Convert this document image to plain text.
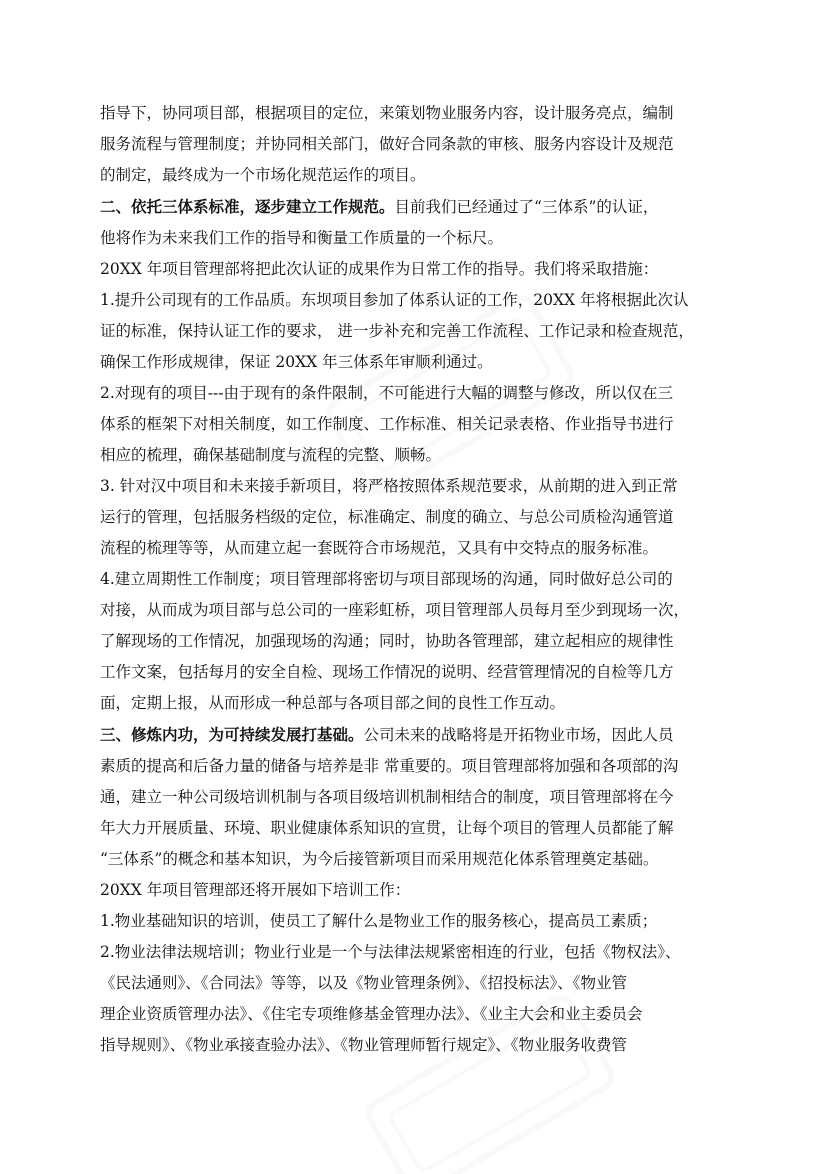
指导下，协同项目部，根据项目的定位，来策划物业服务内容，设计服务亮点，编制
服务流程与管理制度；并协同相关部门，做好合同条款的审核、服务内容设计及规范
的制定，最终成为一个市场化规范运作的项目。
二、依托三体系标准，逐步建立工作规范。目前我们已经通过了“三体系”的认证，
他将作为未来我们工作的指导和衡量工作质量的一个标尺。
20XX 年项目管理部将把此次认证的成果作为日常工作的指导。我们将采取措施：
1.提升公司现有的工作品质。东坝项目参加了体系认证的工作，20XX 年将根据此次认
证的标准，保持认证工作的要求， 进一步补充和完善工作流程、工作记录和检查规范，
确保工作形成规律，保证 20XX 年三体系年审顺利通过。
2.对现有的项目---由于现有的条件限制，不可能进行大幅的调整与修改，所以仅在三
体系的框架下对相关制度，如工作制度、工作标准、相关记录表格、作业指导书进行
相应的梳理，确保基础制度与流程的完整、顺畅。
3. 针对汉中项目和未来接手新项目，将严格按照体系规范要求，从前期的进入到正常
运行的管理，包括服务档级的定位，标准确定、制度的确立、与总公司质检沟通管道
流程的梳理等等，从而建立起一套既符合市场规范，又具有中交特点的服务标准。
4.建立周期性工作制度；项目管理部将密切与项目部现场的沟通，同时做好总公司的
对接，从而成为项目部与总公司的一座彩虹桥，项目管理部人员每月至少到现场一次，
了解现场的工作情况，加强现场的沟通；同时，协助各管理部，建立起相应的规律性
工作文案，包括每月的安全自检、现场工作情况的说明、经营管理情况的自检等几方
面，定期上报，从而形成一种总部与各项目部之间的良性工作互动。
三、修炼内功，为可持续发展打基础。公司未来的战略将是开拓物业市场，因此人员
素质的提高和后备力量的储备与培养是非 常重要的。项目管理部将加强和各项部的沟
通，建立一种公司级培训机制与各项目级培训机制相结合的制度，项目管理部将在今
年大力开展质量、环境、职业健康体系知识的宣贯，让每个项目的管理人员都能了解
“三体系”的概念和基本知识，为今后接管新项目而采用规范化体系管理奠定基础。
20XX 年项目管理部还将开展如下培训工作：
1.物业基础知识的培训，使员工了解什么是物业工作的服务核心，提高员工素质；
2.物业法律法规培训；物业行业是一个与法律法规紧密相连的行业，包括《物权法》、
《民法通则》、《合同法》等等，以及《物业管理条例》、《招投标法》、《物业管
理企业资质管理办法》、《住宅专项维修基金管理办法》、《业主大会和业主委员会
指导规则》、《物业承接查验办法》、《物业管理师暂行规定》、《物业服务收费管
